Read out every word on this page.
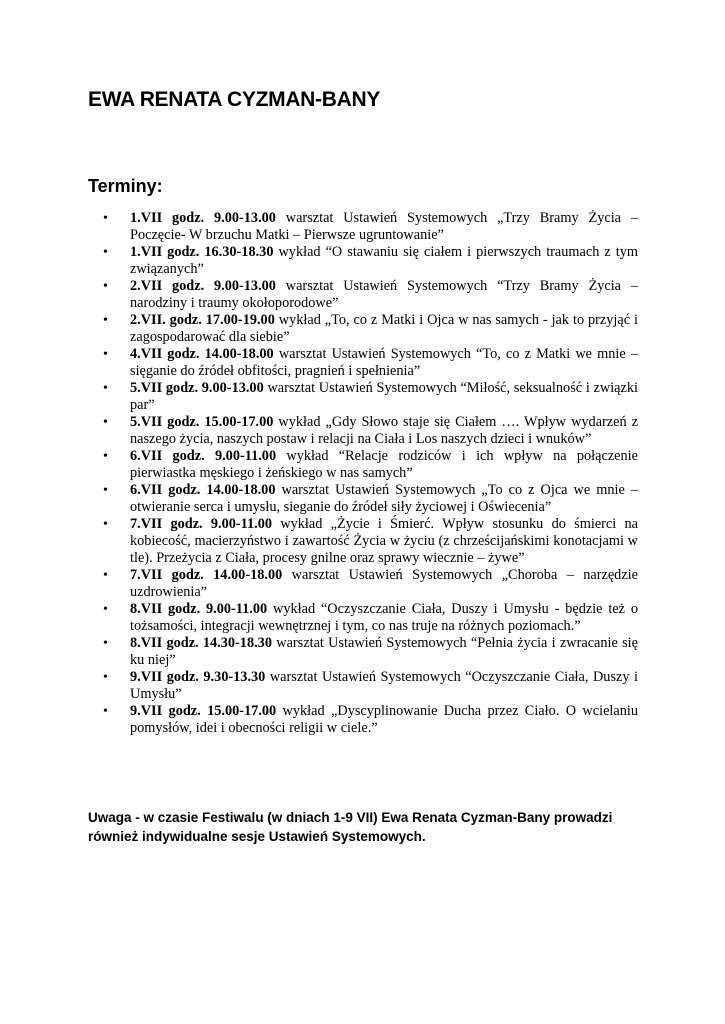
EWA RENATA CYZMAN-BANY
Terminy:
• 1.VII godz. 9.00-13.00 warsztat Ustawień Systemowych „Trzy Bramy Życia – Poczęcie- W brzuchu Matki – Pierwsze ugruntowanie”
• 1.VII godz. 16.30-18.30 wykład “O stawaniu się ciałem i pierwszych traumach z tym związanych”
• 2.VII godz. 9.00-13.00 warsztat Ustawień Systemowych “Trzy Bramy Życia – narodziny i traumy okołoporodowe”
• 2.VII. godz. 17.00-19.00 wykład „To, co z Matki i Ojca w nas samych - jak to przyjąć i zagospodarować dla siebie”
• 4.VII godz. 14.00-18.00 warsztat Ustawień Systemowych “To, co z Matki we mnie – sięganie do źródeł obfitości, pragnień i spełnienia”
• 5.VII godz. 9.00-13.00 warsztat Ustawień Systemowych “Miłość, seksualność i związki par”
• 5.VII godz. 15.00-17.00 wykład „Gdy Słowo staje się Ciałem …. Wpływ wydarzeń z naszego życia, naszych postaw i relacji na Ciała i Los naszych dzieci i wnuków”
• 6.VII godz. 9.00-11.00 wykład “Relacje rodziców i ich wpływ na połączenie pierwiastka męskiego i żeńskiego w nas samych”
• 6.VII godz. 14.00-18.00 warsztat Ustawień Systemowych „To co z Ojca we mnie – otwieranie serca i umysłu, sieganie do źródeł siły życiowej i Oświecenia”
• 7.VII godz. 9.00-11.00 wykład „Życie i Śmierć. Wpływ stosunku do śmierci na kobiecość, macierzyństwo i zawartość Życia w życiu (z chrześcijańskimi konotacjami w tle). Przeżycia z Ciała, procesy gnilne oraz sprawy wiecznie – żywe”
• 7.VII godz. 14.00-18.00 warsztat Ustawień Systemowych „Choroba – narzędzie uzdrowienia”
• 8.VII godz. 9.00-11.00 wykład “Oczyszczanie Ciała, Duszy i Umysłu - będzie też o tożsamości, integracji wewnętrznej i tym, co nas truje na różnych poziomach.”
• 8.VII godz. 14.30-18.30 warsztat Ustawień Systemowych “Pełnia życia i zwracanie się ku niej”
• 9.VII godz. 9.30-13.30 warsztat Ustawień Systemowych “Oczyszczanie Ciała, Duszy i Umysłu”
• 9.VII godz. 15.00-17.00 wykład „Dyscyplinowanie Ducha przez Ciało. O wcielaniu pomysłów, idei i obecności religii w ciele.”

Uwaga - w czasie Festiwalu (w dniach 1-9 VII) Ewa Renata Cyzman-Bany prowadzi również indywidualne sesje Ustawień Systemowych.
